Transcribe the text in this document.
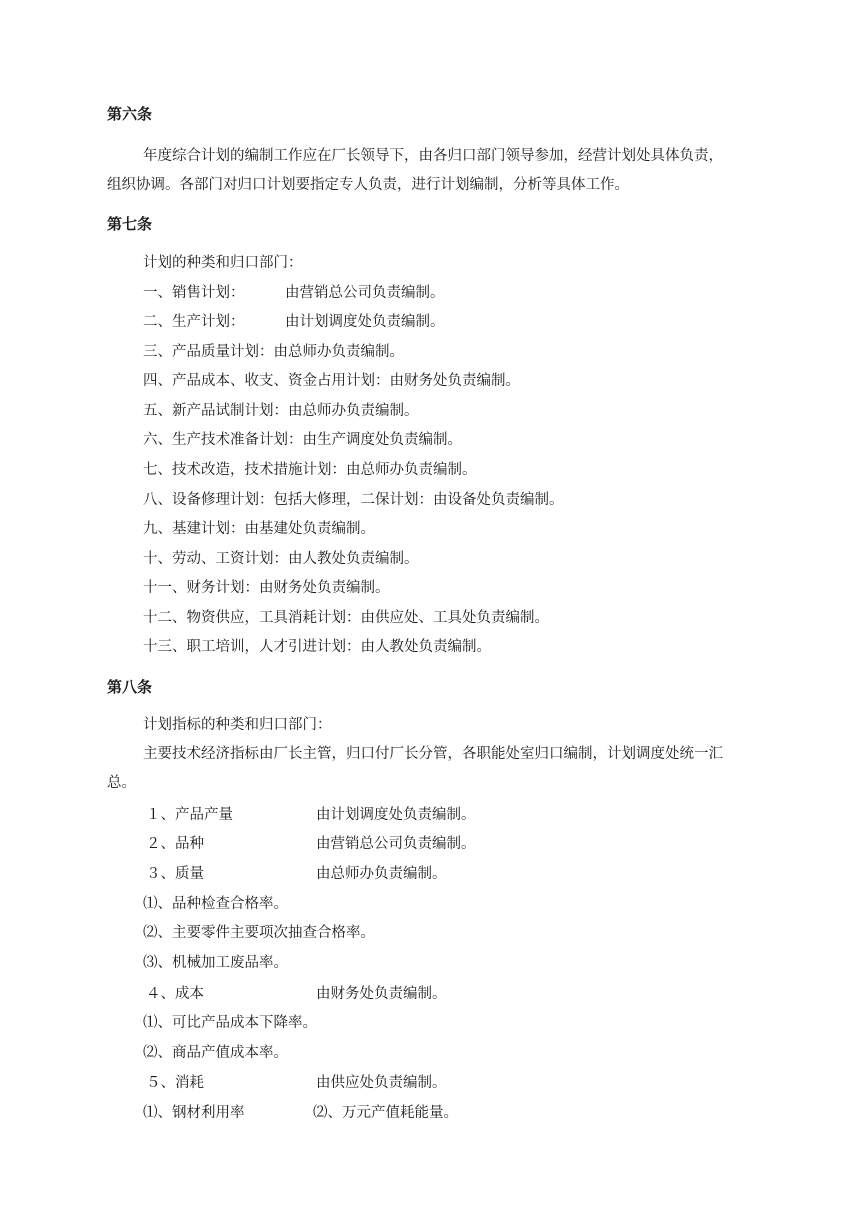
第六条
年度综合计划的编制工作应在厂长领导下，由各归口部门领导参加，经营计划处具体负责，
组织协调。各部门对归口计划要指定专人负责，进行计划编制，分析等具体工作。
第七条
计划的种类和归口部门：
一、销售计划：	由营销总公司负责编制。
二、生产计划：	由计划调度处负责编制。
三、产品质量计划：由总师办负责编制。
四、产品成本、收支、资金占用计划：由财务处负责编制。
五、新产品试制计划：由总师办负责编制。
六、生产技术准备计划：由生产调度处负责编制。
七、技术改造，技术措施计划：由总师办负责编制。
八、设备修理计划：包括大修理，二保计划：由设备处负责编制。
九、基建计划：由基建处负责编制。
十、劳动、工资计划：由人教处负责编制。
十一、财务计划：由财务处负责编制。
十二、物资供应，工具消耗计划：由供应处、工具处负责编制。
十三、职工培训，人才引进计划：由人教处负责编制。
第八条
计划指标的种类和归口部门：
主要技术经济指标由厂长主管，归口付厂长分管，各职能处室归口编制，计划调度处统一汇
总。
１、产品产量	由计划调度处负责编制。
２、品种	由营销总公司负责编制。
３、质量	由总师办负责编制。
⑴、品种检查合格率。
⑵、主要零件主要项次抽查合格率。
⑶、机械加工废品率。
４、成本	由财务处负责编制。
⑴、可比产品成本下降率。
⑵、商品产值成本率。
５、消耗	由供应处负责编制。
⑴、钢材利用率	⑵、万元产值耗能量。
